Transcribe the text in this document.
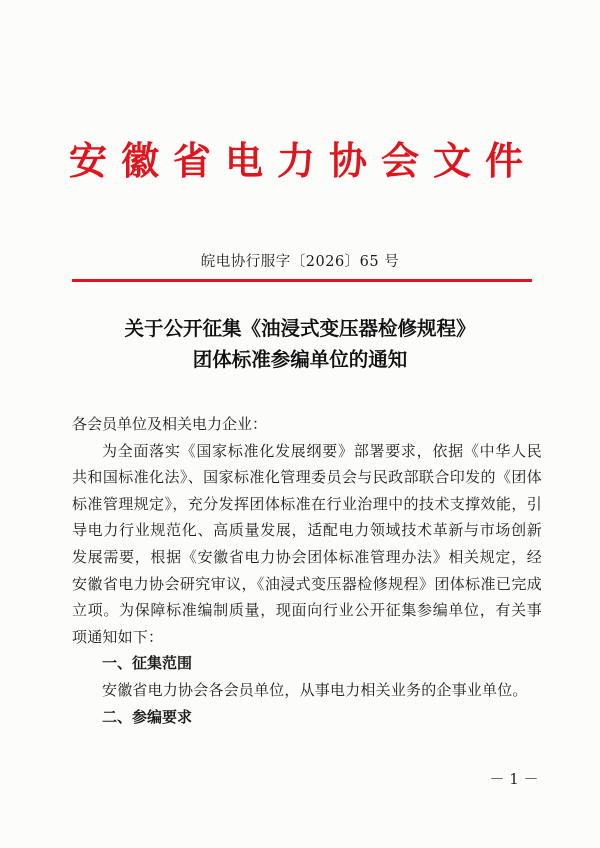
安徽省电力协会文件
皖电协行服字〔2026〕65 号
关于公开征集《油浸式变压器检修规程》
团体标准参编单位的通知
各会员单位及相关电力企业：
为全面落实《国家标准化发展纲要》部署要求，依据《中华人民共和国标准化法》、国家标准化管理委员会与民政部联合印发的《团体标准管理规定》，充分发挥团体标准在行业治理中的技术支撑效能，引导电力行业规范化、高质量发展，适配电力领域技术革新与市场创新发展需要，根据《安徽省电力协会团体标准管理办法》相关规定，经安徽省电力协会研究审议，《油浸式变压器检修规程》团体标准已完成立项。为保障标准编制质量，现面向行业公开征集参编单位，有关事项通知如下：
一、征集范围
安徽省电力协会各会员单位，从事电力相关业务的企事业单位。
二、参编要求
－ 1 －
